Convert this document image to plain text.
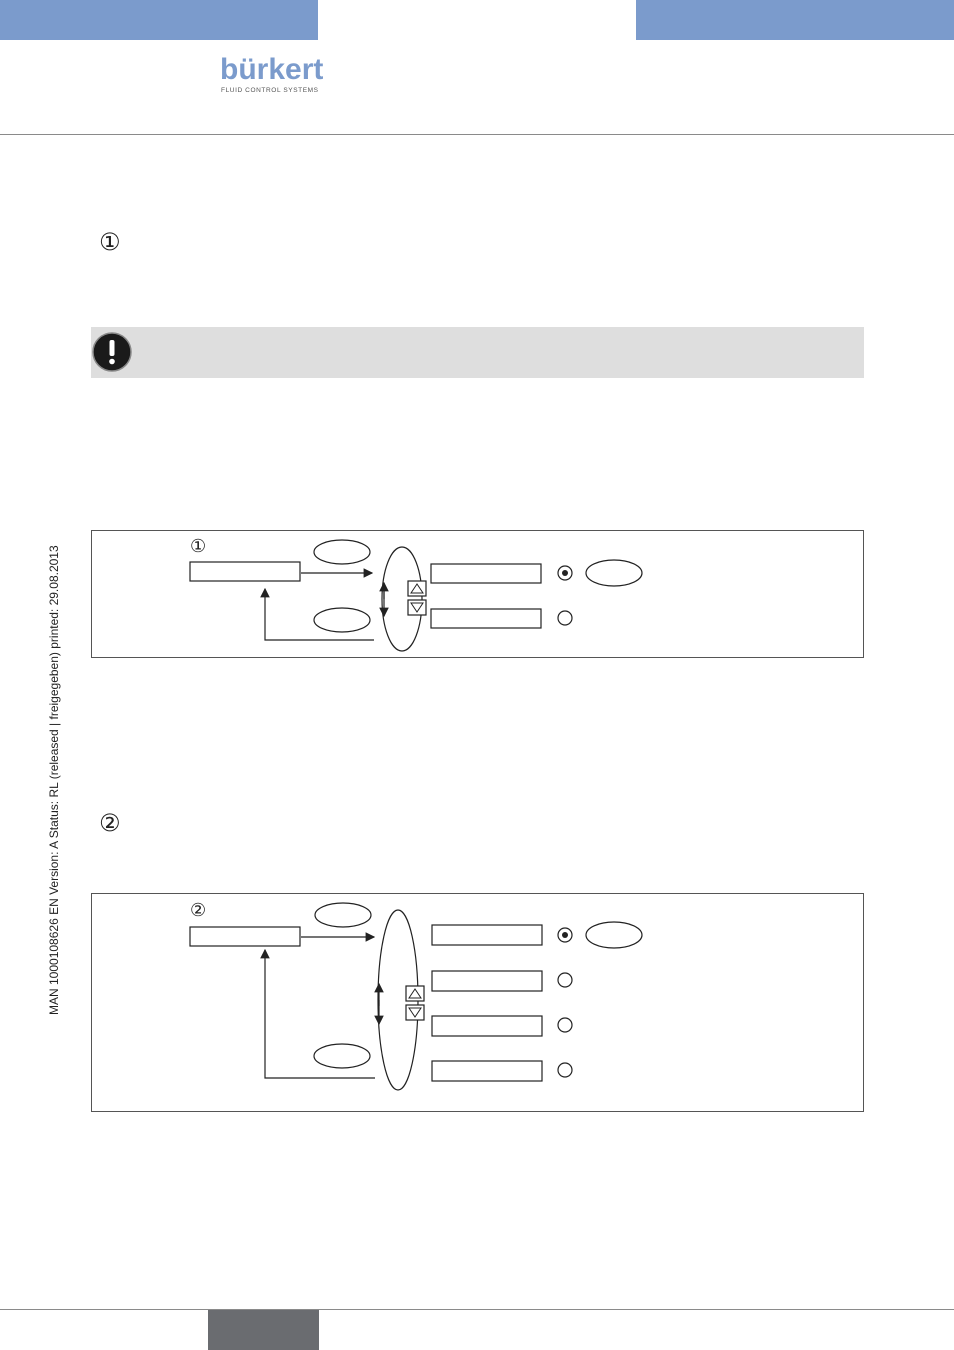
bürkert
FLUID CONTROL SYSTEMS
①
MAN 1000108626 EN Version: A Status: RL (released | freigegeben) printed: 29.08.2013	①
②
②
